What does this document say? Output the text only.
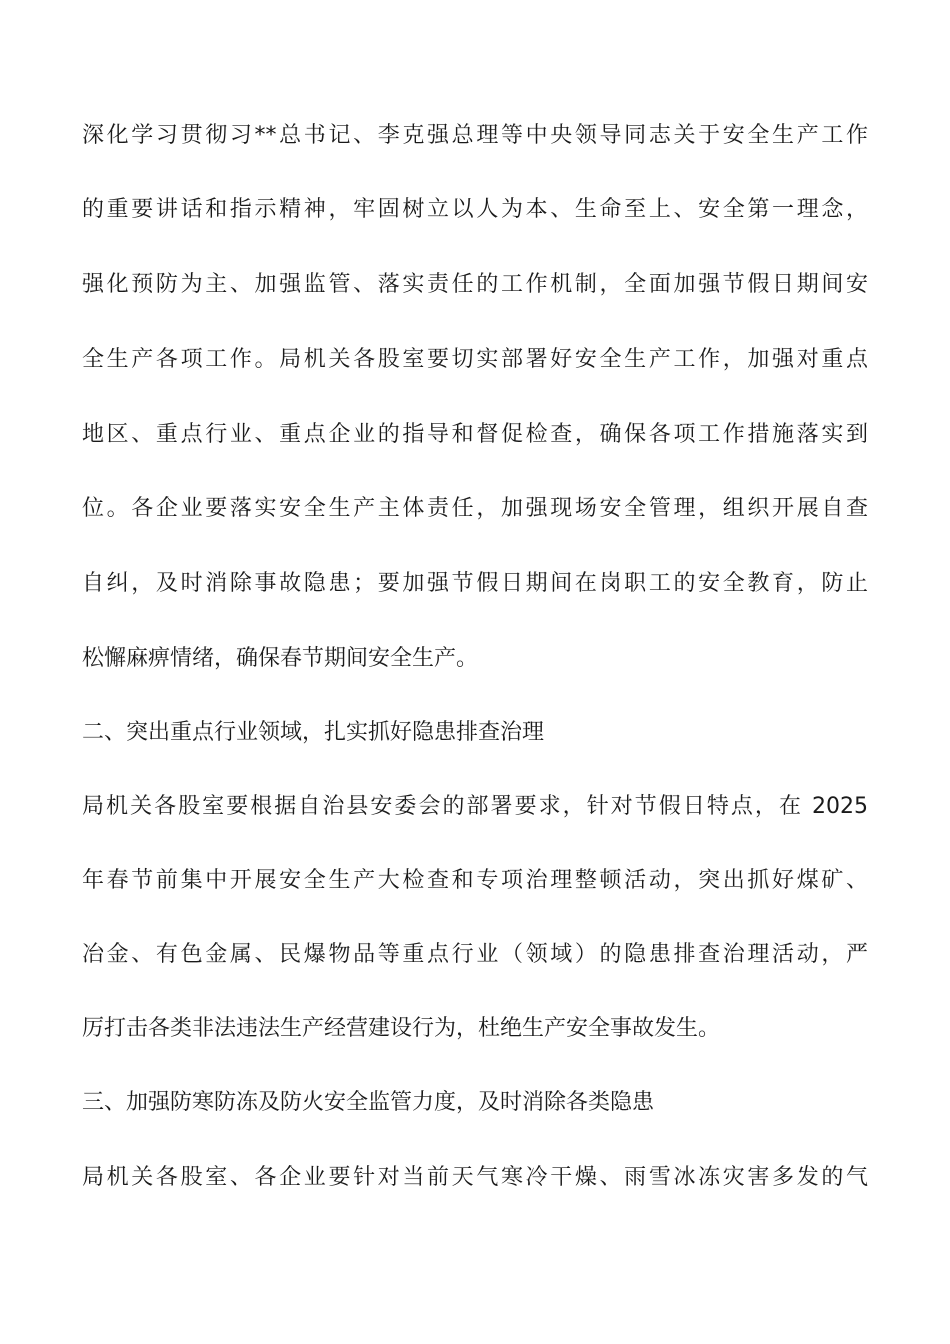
深化学习贯彻习**总书记、李克强总理等中央领导同志关于安全生产工作

的重要讲话和指示精神，牢固树立以人为本、生命至上、安全第一理念，

强化预防为主、加强监管、落实责任的工作机制，全面加强节假日期间安

全生产各项工作。局机关各股室要切实部署好安全生产工作，加强对重点

地区、重点行业、重点企业的指导和督促检查，确保各项工作措施落实到

位。各企业要落实安全生产主体责任，加强现场安全管理，组织开展自查

自纠，及时消除事故隐患；要加强节假日期间在岗职工的安全教育，防止

松懈麻痹情绪，确保春节期间安全生产。

二、突出重点行业领域，扎实抓好隐患排查治理

局机关各股室要根据自治县安委会的部署要求，针对节假日特点，在 2025

年春节前集中开展安全生产大检查和专项治理整顿活动，突出抓好煤矿、

冶金、有色金属、民爆物品等重点行业（领域）的隐患排查治理活动，严

厉打击各类非法违法生产经营建设行为，杜绝生产安全事故发生。

三、加强防寒防冻及防火安全监管力度，及时消除各类隐患

局机关各股室、各企业要针对当前天气寒冷干燥、雨雪冰冻灾害多发的气
